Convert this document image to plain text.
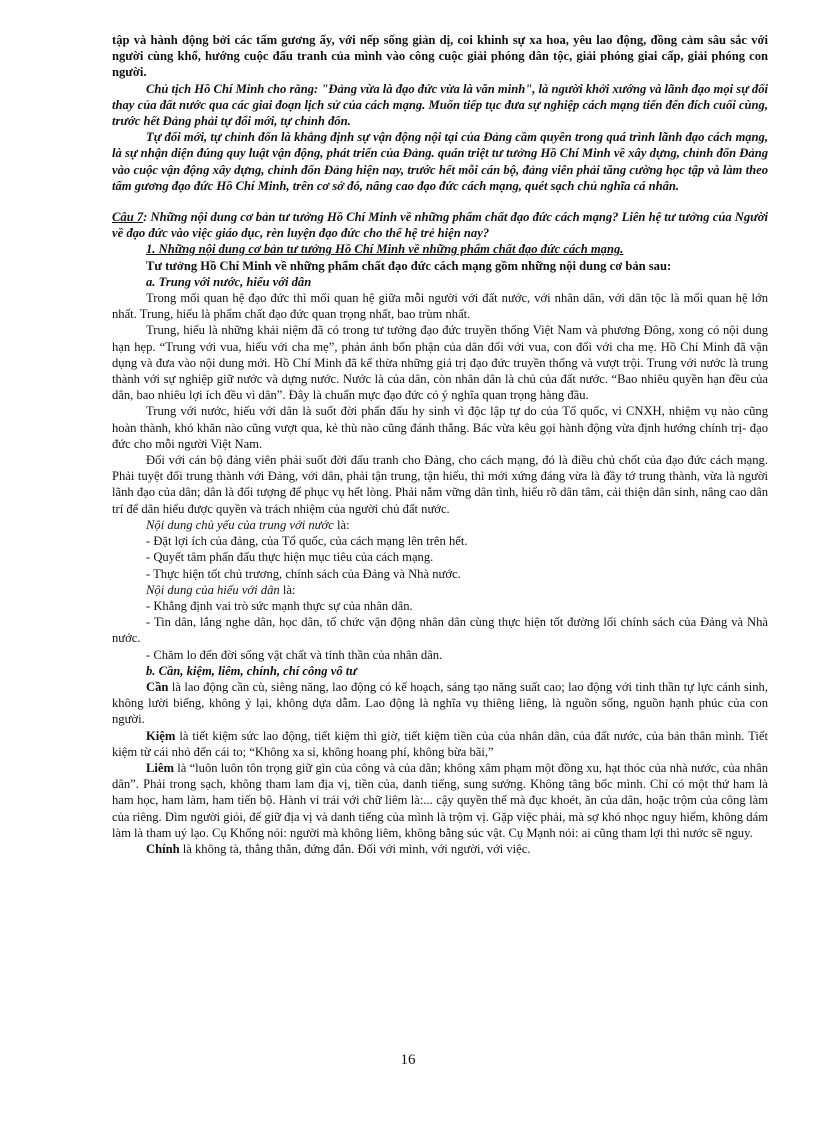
tập và hành động bởi các tấm gương ấy, với nếp sống giản dị, coi khinh sự xa hoa, yêu lao động, đồng cảm sâu sắc với người cùng khổ, hướng cuộc đấu tranh của mình vào công cuộc giải phóng dân tộc, giải phóng giai cấp, giải phóng con người.

Chủ tịch Hồ Chí Minh cho rằng: "Đảng vừa là đạo đức vừa là văn minh", là người khởi xướng và lãnh đạo mọi sự đổi thay của đất nước qua các giai đoạn lịch sử của cách mạng. Muốn tiếp tục đưa sự nghiệp cách mạng tiến đến đích cuối cùng, trước hết Đảng phải tự đổi mới, tự chỉnh đốn.

Tự đổi mới, tự chỉnh đốn là khẳng định sự vận động nội tại của Đảng cầm quyền trong quá trình lãnh đạo cách mạng, là sự nhận diện đúng quy luật vận động, phát triển của Đảng. quán triệt tư tưởng Hồ Chí Minh về xây dựng, chỉnh đốn Đảng vào cuộc vận động xây dựng, chỉnh đốn Đảng hiện nay, trước hết mỗi cán bộ, đảng viên phải tăng cường học tập và làm theo tấm gương đạo đức Hồ Chí Minh, trên cơ sở đó, nâng cao đạo đức cách mạng, quét sạch chủ nghĩa cá nhân.

Câu 7: Những nội dung cơ bản tư tưởng Hồ Chí Minh về những phẩm chất đạo đức cách mạng? Liên hệ tư tưởng của Người về đạo đức vào việc giáo dục, rèn luyện đạo đức cho thế hệ trẻ hiện nay?

1. Những nội dung cơ bản tư tưởng Hồ Chí Minh về những phẩm chất đạo đức cách mạng.

Tư tưởng Hồ Chí Minh về những phẩm chất đạo đức cách mạng gồm những nội dung cơ bản sau:

a. Trung với nước, hiếu với dân

Trong mối quan hệ đạo đức thì mối quan hệ giữa mỗi người với đất nước, với nhân dân, với dân tộc là mối quan hệ lớn nhất. Trung, hiếu là phẩm chất đạo đức quan trọng nhất, bao trùm nhất.

Trung, hiếu là những khái niệm đã có trong tư tưởng đạo đức truyền thống Việt Nam và phương Đông, xong có nội dung hạn hẹp. “Trung với vua, hiếu với cha mẹ”, phản ánh bổn phận của dân đối với vua, con đối với cha mẹ. Hồ Chí Minh đã vận dụng và đưa vào nội dung mới. Hồ Chí Minh đã kế thừa những giá trị đạo đức truyền thống và vượt trội. Trung với nước là trung thành với sự nghiệp giữ nước và dựng nước. Nước là của dân, còn nhân dân là chủ của đất nước. “Bao nhiêu quyền hạn đều của dân, bao nhiêu lợi ích đều vì dân”. Đây là chuẩn mực đạo đức có ý nghĩa quan trọng hàng đầu.

Trung với nước, hiếu với dân là suốt đời phấn đấu hy sinh vì độc lập tự do của Tổ quốc, vì CNXH, nhiệm vụ nào cũng hoàn thành, khó khăn nào cũng vượt qua, kẻ thù nào cũng đánh thắng. Bác vừa kêu gọi hành động vừa định hướng chính trị- đạo đức cho mỗi người Việt Nam.

Đối với cán bộ đảng viên phải suốt đời đấu tranh cho Đảng, cho cách mạng, đó là điều chủ chốt của đạo đức cách mạng. Phải tuyệt đối trung thành với Đảng, với dân, phải tận trung, tận hiếu, thì mới xứng đáng vừa là đầy tớ trung thành, vừa là người lãnh đạo của dân; dân là đối tượng để phục vụ hết lòng. Phải nắm vững dân tình, hiểu rõ dân tâm, cải thiện dân sinh, nâng cao dân trí để dân hiểu được quyền và trách nhiệm của người chủ đất nước.

Nội dung chủ yếu của trung với nước là:

- Đặt lợi ích của đảng, của Tổ quốc, của cách mạng lên trên hết.

- Quyết tâm phấn đấu thực hiện mục tiêu của cách mạng.

- Thực hiện tốt chủ trương, chính sách của Đảng và Nhà nước.

Nội dung của hiếu với dân là:

- Khẳng định vai trò sức mạnh thực sự của nhân dân.

- Tin dân, lắng nghe dân, học dân, tổ chức vận động nhân dân cùng thực hiện tốt đường lối chính sách của Đảng và Nhà nước.

- Chăm lo đến đời sống vật chất và tinh thần của nhân dân.

b. Cần, kiệm, liêm, chính, chí công vô tư

Cần là lao động cần cù, siêng năng, lao động có kế hoạch, sáng tạo năng suất cao; lao động với tinh thần tự lực cánh sinh, không lười biếng, không ỷ lại, không dựa dẫm. Lao động là nghĩa vụ thiêng liêng, là nguồn sống, nguồn hạnh phúc của con người.

Kiệm là tiết kiệm sức lao động, tiết kiệm thì giờ, tiết kiệm tiền của của nhân dân, của đất nước, của bản thân mình. Tiết kiệm từ cái nhỏ đến cái to; “Không xa sỉ, không hoang phí, không bừa bãi,”

Liêm là “luôn luôn tôn trọng giữ gìn của công và của dân; không xâm phạm một đồng xu, hạt thóc của nhà nước, của nhân dân”. Phải trong sạch, không tham lam địa vị, tiền của, danh tiếng, sung sướng. Không tâng bốc mình. Chỉ có một thứ ham là ham học, ham làm, ham tiến bộ. Hành vi trái với chữ liêm là:... cậy quyền thế mà đục khoét, ăn của dân, hoặc trộm của công làm của riêng. Dìm người giỏi, để giữ địa vị và danh tiếng của mình là trộm vị. Gặp việc phải, mà sợ khó nhọc nguy hiểm, không dám làm là tham uý lạo. Cụ Khổng nói: người mà không liêm, không bằng súc vật. Cụ Mạnh nói: ai cũng tham lợi thì nước sẽ nguy.

Chính là không tà, thẳng thắn, đứng đắn. Đối với mình, với người, với việc.

16
